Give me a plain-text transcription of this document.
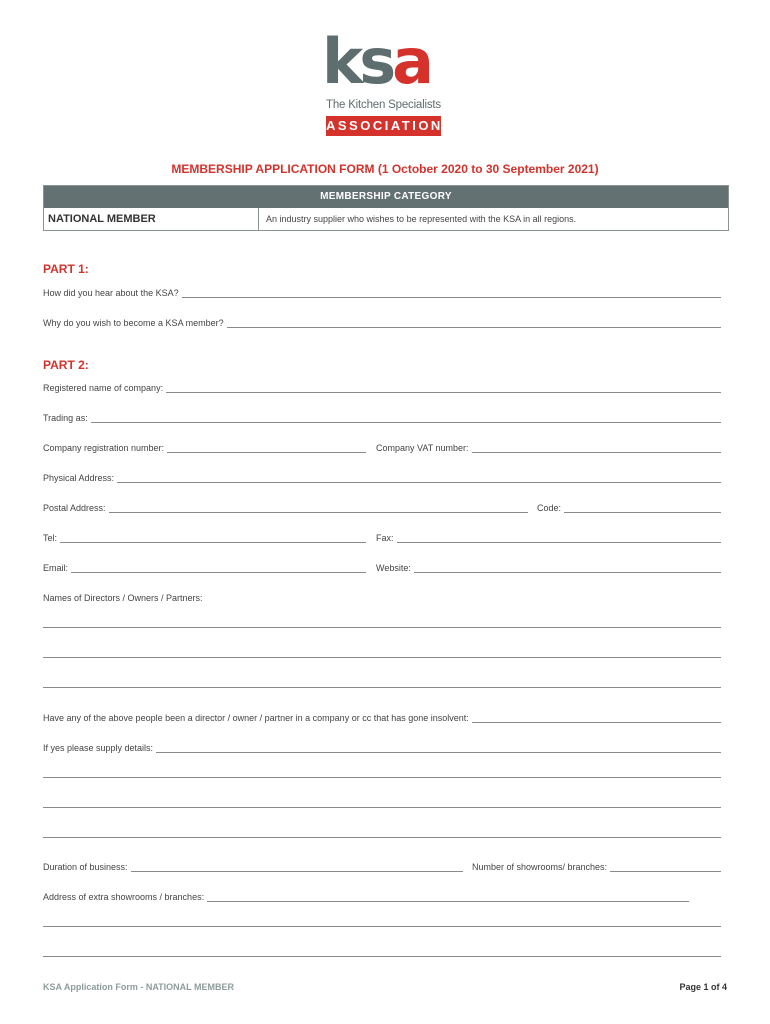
ksa
The Kitchen Specialists
ASSOCIATION
MEMBERSHIP APPLICATION FORM (1 October 2020 to 30 September 2021)
MEMBERSHIP CATEGORY
NATIONAL MEMBER	An industry supplier who wishes to be represented with the KSA in all regions.
PART 1:
How did you hear about the KSA?
Why do you wish to become a KSA member?
PART 2:
Registered name of company:
Trading as:
Company registration number:	Company VAT number:
Physical Address:
Postal Address:	Code:
Tel:	Fax:
Email:	Website:
Names of Directors / Owners / Partners:
Have any of the above people been a director / owner / partner in a company or cc that has gone insolvent:
If yes please supply details:
Duration of business:	Number of showrooms/ branches:
Address of extra showrooms / branches:
KSA Application Form - NATIONAL MEMBER	Page 1 of 4
